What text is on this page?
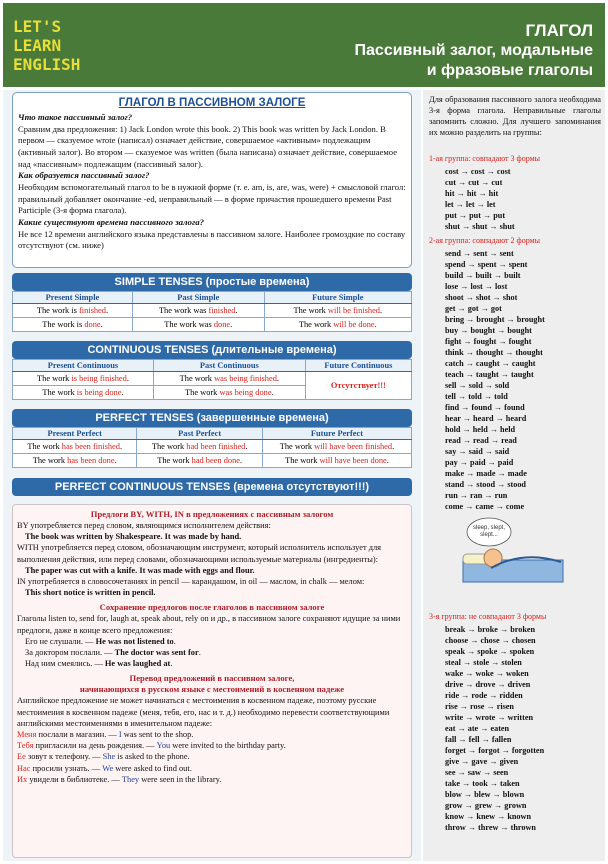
LET'S
LEARN
ENGLISH
ГЛАГОЛ
Пассивный залог, модальные
и фразовые глаголы
ГЛАГОЛ В ПАССИВНОМ ЗАЛОГЕ
Что такое пассивный залог?
Сравним два предложения: 1) Jack London wrote this book. 2) This book was written by Jack London. В первом — сказуемое wrote (написал) означает действие, совершаемое «активным» подлежащим (активный залог). Во втором — сказуемое was written (была написана) означает действие, совершаемое над «пассивным» подлежащим (пассивный залог).
Как образуется пассивный залог?
Необходим вспомогательный глагол to be в нужной форме (т. е. am, is, are, was, were) + смысловой глагол: правильный добавляет окончание -ed, неправильный — в форме причастия прошедшего времени Past Participle (3-я форма глагола).
Какие существуют времена пассивного залога?
Не все 12 времени английского языка представлены в пассивном залоге. Наиболее громоздкие по составу отсутствуют (см. ниже)
SIMPLE TENSES (простые времена)
Present Simple	Past Simple	Future Simple
The work is finished.	The work was finished.	The work will be finished.
The work is done.	The work was done.	The work will be done.
CONTINUOUS TENSES (длительные времена)
Present Continuous	Past Continuous	Future Continuous
The work is being finished.	The work was being finished.	Отсутствует!!!
The work is being done.	The work was being done.	
PERFECT TENSES (завершенные времена)
Present Perfect	Past Perfect	Future Perfect
The work has been finished.	The work had been finished.	The work will have been finished.
The work has been done.	The work had been done.	The work will have been done.
PERFECT CONTINUOUS TENSES (времена отсутствуют!!!)
Предлоги BY, WITH, IN в предложениях с пассивным залогом
BY употребляется перед словом, являющимся исполнителем действия:
The book was written by Shakespeare. It was made by hand.
WITH употребляется перед словом, обозначающим инструмент, который исполнитель использует для выполнения действия, или перед словами, обозначающими используемые материалы (ингредиенты):
The paper was cut with a knife. It was made with eggs and flour.
IN употребляется в словосочетаниях in pencil — карандашом, in oil — маслом, in chalk — мелом:
This short notice is written in pencil.
Сохранение предлогов после глаголов в пассивном залоге
Глаголы listen to, send for, laugh at, speak about, rely on и др., в пассивном залоге сохраняют идущие за ними предлоги, даже в конце всего предложения:
Его не слушали. — He was not listened to.
За доктором послали. — The doctor was sent for.
Над ним смеялись. — He was laughed at.
Перевод предложений в пассивном залоге,
начинающихся в русском языке с местоимений в косвенном падеже
Английское предложение не может начинаться с местоимения в косвенном падеже, поэтому русские местоимения в косвенном падеже (меня, тебя, его, нас и т. д.) необходимо перевести соответствующими английскими местоимениями в именительном падеже:
Меня послали в магазин. — I was sent to the shop.
Тебя пригласили на день рождения. — You were invited to the birthday party.
Ее зовут к телефону. — She is asked to the phone.
Нас просили узнать. — We were asked to find out.
Их увидели в библиотеке. — They were seen in the library.
Для образования пассивного залога необходима 3-я форма глагола. Неправильные глаголы запомнить сложно. Для лучшего запоминания их можно разделить на группы:
1-ая группа: совпадают 3 формы
cost → cost → cost
cut → cut → cut
hit → hit → hit
let → let → let
put → put → put
shut → shut → shut
2-ая группа: совпадают 2 формы
send → sent → sent
spend → spent → spent
build → built → built
lose → lost → lost
shoot → shot → shot
get → got → got
bring → brought → brought
buy → bought → bought
fight → fought → fought
think → thought → thought
catch → caught → caught
teach → taught → taught
sell → sold → sold
tell → told → told
find → found → found
hear → heard → heard
hold → held → held
read → read → read
say → said → said
pay → paid → paid
make → made → made
stand → stood → stood
run → ran → run
come → came → come
sleep, slept,
slept...
3-я группа: не совпадают 3 формы
break → broke → broken
choose → chose → chosen
speak → spoke → spoken
steal → stole → stolen
wake → woke → woken
drive → drove → driven
ride → rode → ridden
rise → rose → risen
write → wrote → written
eat → ate → eaten
fall → fell → fallen
forget → forgot → forgotten
give → gave → given
see → saw → seen
take → took → taken
blow → blew → blown
grow → grew → grown
know → knew → known
throw → threw → thrown
